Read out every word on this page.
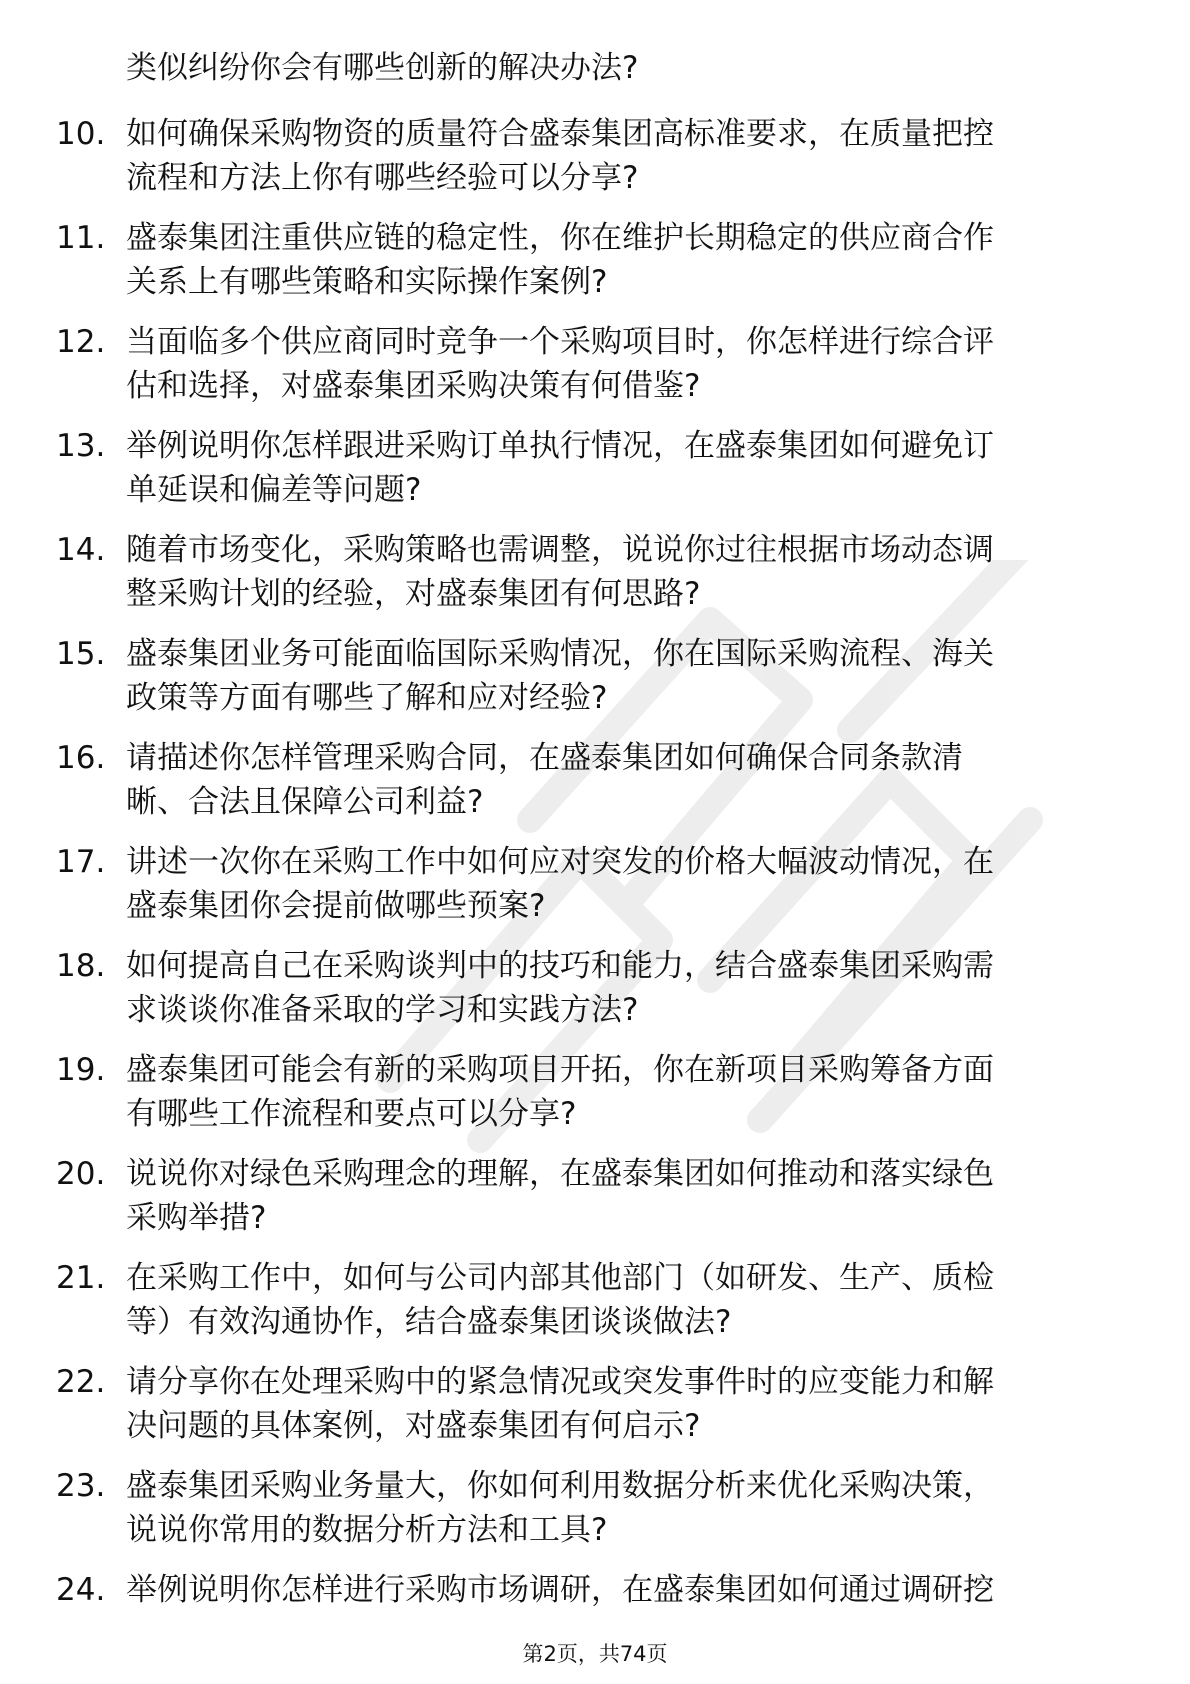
类似纠纷你会有哪些创新的解决办法?
10. 如何确保采购物资的质量符合盛泰集团高标准要求，在质量把控
流程和方法上你有哪些经验可以分享?
11. 盛泰集团注重供应链的稳定性，你在维护长期稳定的供应商合作
关系上有哪些策略和实际操作案例?
12. 当面临多个供应商同时竞争一个采购项目时，你怎样进行综合评
估和选择，对盛泰集团采购决策有何借鉴?
13. 举例说明你怎样跟进采购订单执行情况，在盛泰集团如何避免订
单延误和偏差等问题?
14. 随着市场变化，采购策略也需调整，说说你过往根据市场动态调
整采购计划的经验，对盛泰集团有何思路?
15. 盛泰集团业务可能面临国际采购情况，你在国际采购流程、海关
政策等方面有哪些了解和应对经验?
16. 请描述你怎样管理采购合同，在盛泰集团如何确保合同条款清
晰、合法且保障公司利益?
17. 讲述一次你在采购工作中如何应对突发的价格大幅波动情况，在
盛泰集团你会提前做哪些预案?
18. 如何提高自己在采购谈判中的技巧和能力，结合盛泰集团采购需
求谈谈你准备采取的学习和实践方法?
19. 盛泰集团可能会有新的采购项目开拓，你在新项目采购筹备方面
有哪些工作流程和要点可以分享?
20. 说说你对绿色采购理念的理解，在盛泰集团如何推动和落实绿色
采购举措?
21. 在采购工作中，如何与公司内部其他部门（如研发、生产、质检
等）有效沟通协作，结合盛泰集团谈谈做法?
22. 请分享你在处理采购中的紧急情况或突发事件时的应变能力和解
决问题的具体案例，对盛泰集团有何启示?
23. 盛泰集团采购业务量大，你如何利用数据分析来优化采购决策，
说说你常用的数据分析方法和工具?
24. 举例说明你怎样进行采购市场调研，在盛泰集团如何通过调研挖
第2页，共74页
